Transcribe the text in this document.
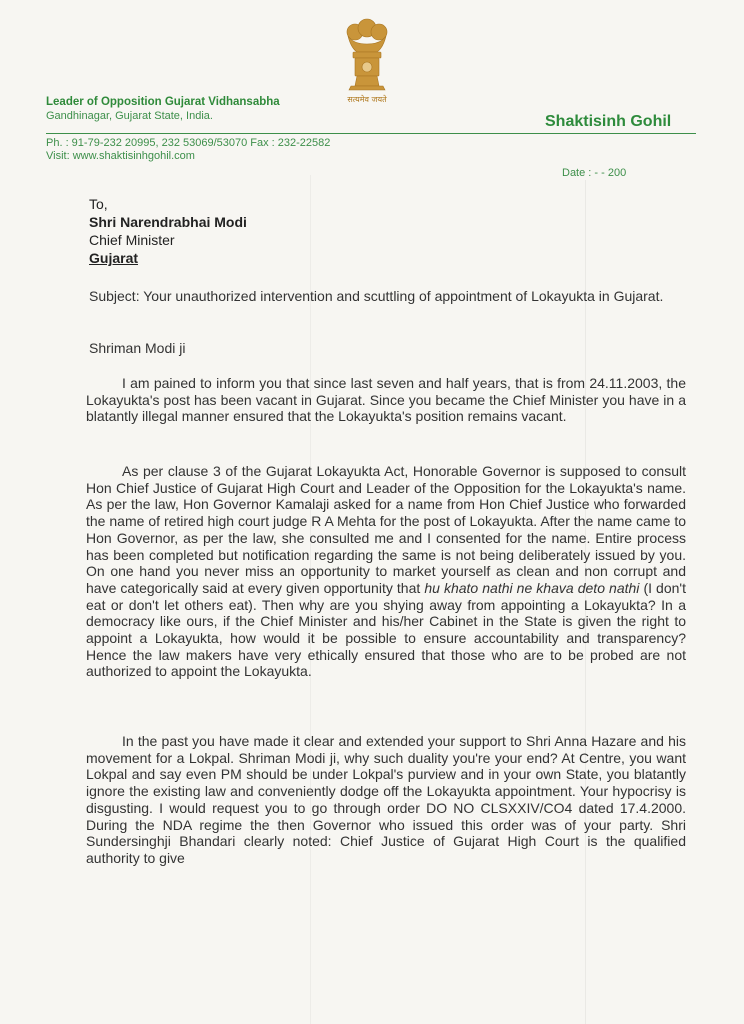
सत्यमेव जयते
Leader of Opposition Gujarat Vidhansabha
Gandhinagar, Gujarat State, India.	Shaktisinh Gohil
Ph. : 91-79-232 20995, 232 53069/53070 Fax : 232-22582
Visit: www.shaktisinhgohil.com
Date : - - 200
To,
Shri Narendrabhai Modi
Chief Minister
Gujarat
Subject: Your unauthorized intervention and scuttling of appointment of Lokayukta in Gujarat.
Shriman Modi ji

I am pained to inform you that since last seven and half years, that is from 24.11.2003, the Lokayukta's post has been vacant in Gujarat. Since you became the Chief Minister you have in a blatantly illegal manner ensured that the Lokayukta's position remains vacant.

As per clause 3 of the Gujarat Lokayukta Act, Honorable Governor is supposed to consult Hon Chief Justice of Gujarat High Court and Leader of the Opposition for the Lokayukta's name. As per the law, Hon Governor Kamalaji asked for a name from Hon Chief Justice who forwarded the name of retired high court judge R A Mehta for the post of Lokayukta. After the name came to Hon Governor, as per the law, she consulted me and I consented for the name. Entire process has been completed but notification regarding the same is not being deliberately issued by you. On one hand you never miss an opportunity to market yourself as clean and non corrupt and have categorically said at every given opportunity that hu khato nathi ne khava deto nathi (I don't eat or don't let others eat). Then why are you shying away from appointing a Lokayukta? In a democracy like ours, if the Chief Minister and his/her Cabinet in the State is given the right to appoint a Lokayukta, how would it be possible to ensure accountability and transparency? Hence the law makers have very ethically ensured that those who are to be probed are not authorized to appoint the Lokayukta.

In the past you have made it clear and extended your support to Shri Anna Hazare and his movement for a Lokpal. Shriman Modi ji, why such duality you're your end? At Centre, you want Lokpal and say even PM should be under Lokpal's purview and in your own State, you blatantly ignore the existing law and conveniently dodge off the Lokayukta appointment. Your hypocrisy is disgusting. I would request you to go through order DO NO CLSXXIV/CO4 dated 17.4.2000. During the NDA regime the then Governor who issued this order was of your party. Shri Sundersinghji Bhandari clearly noted: Chief Justice of Gujarat High Court is the qualified authority to give
